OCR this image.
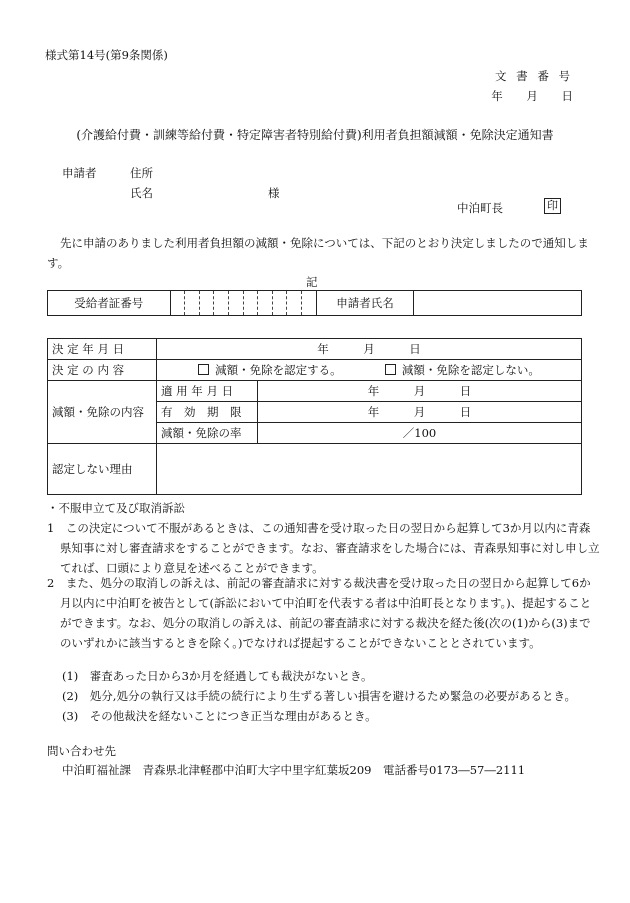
様式第14号(第9条関係)
文 書 番 号
年 月 日
(介護給付費・訓練等給付費・特定障害者特別給付費)利用者負担額減額・免除決定通知書
申請者	住所
氏名	様
中泊町長	印
先に申請のありました利用者負担額の減額・免除については、下記のとおり決定しましたので通知します。
記
受給者証番号											申請者氏名	
決 定 年 月 日	年　　　月　　　日	
決 定 の 内 容	減額・免除を認定する。 減額・免除を認定しない。	
減額・免除の内容	適 用 年 月 日	年　　　月　　　日
	有　効　期　限	年　　　月　　　日
	減額・免除の率	／100
認定しない理由		
・不服申立て及び取消訴訟
1　この決定について不服があるときは、この通知書を受け取った日の翌日から起算して3か月以内に青森県知事に対し審査請求をすることができます。なお、審査請求をした場合には、青森県知事に対し申し立てれば、口頭により意見を述べることができます。
2　また、処分の取消しの訴えは、前記の審査請求に対する裁決書を受け取った日の翌日から起算して6か月以内に中泊町を被告として(訴訟において中泊町を代表する者は中泊町長となります。)、提起することができます。なお、処分の取消しの訴えは、前記の審査請求に対する裁決を経た後(次の(1)から(3)までのいずれかに該当するときを除く。)でなければ提起することができないこととされています。
(1)　審査あった日から3か月を経過しても裁決がないとき。
(2)　処分,処分の執行又は手続の続行により生ずる著しい損害を避けるため緊急の必要があるとき。
(3)　その他裁決を経ないことにつき正当な理由があるとき。
問い合わせ先
中泊町福祉課　青森県北津軽郡中泊町大字中里字紅葉坂209　電話番号0173―57―2111
